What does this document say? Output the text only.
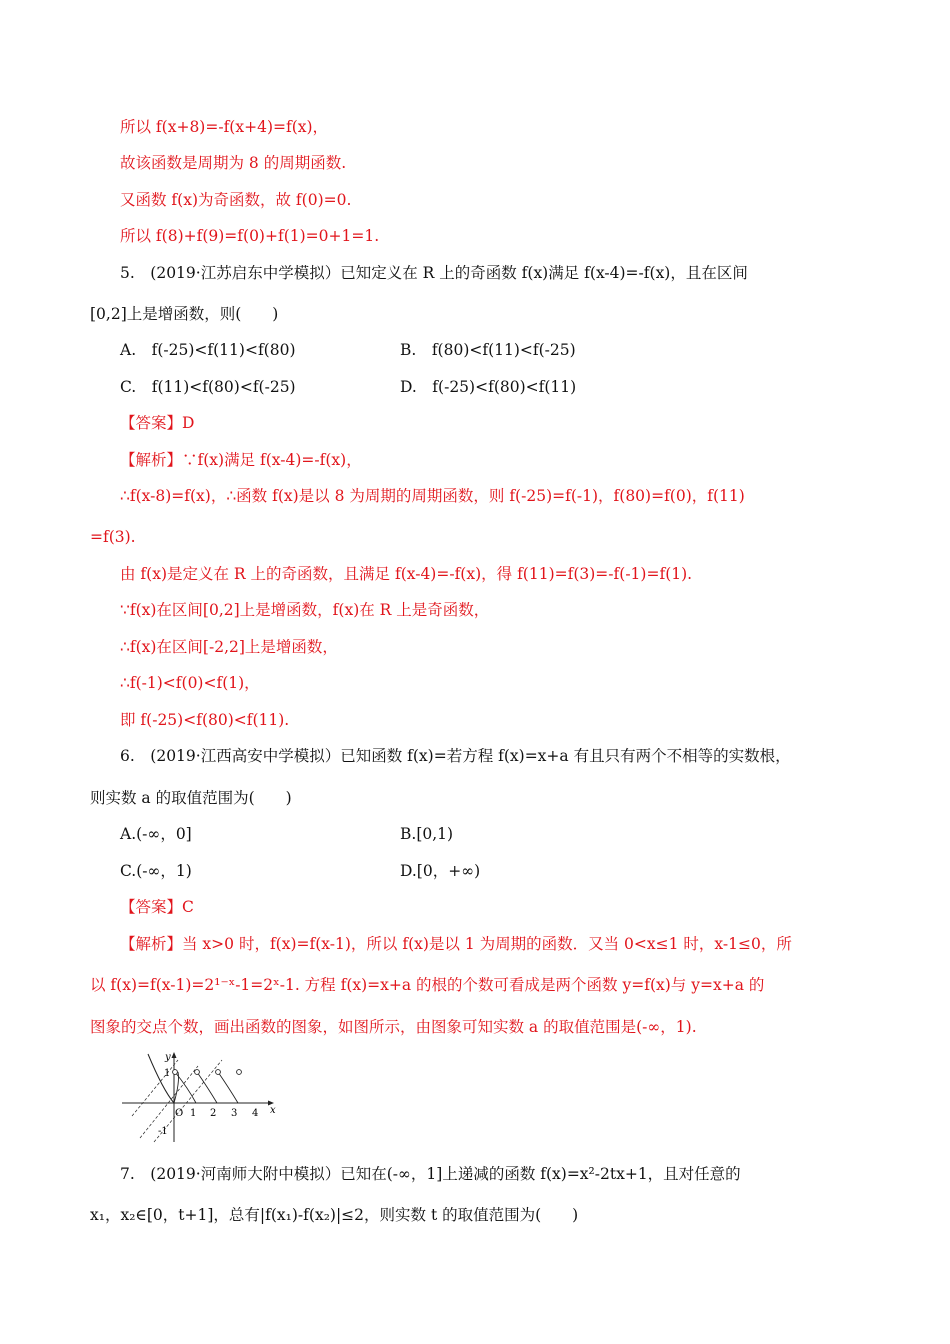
所以 f(x+8)=-f(x+4)=f(x)，
故该函数是周期为 8 的周期函数.
又函数 f(x)为奇函数，故 f(0)=0.
所以 f(8)+f(9)=f(0)+f(1)=0+1=1.
5.　(2019·江苏启东中学模拟）已知定义在 R 上的奇函数 f(x)满足 f(x-4)=-f(x)，且在区间
[0,2]上是增函数，则(　　)
A.　f(-25)<f(11)<f(80)	B.　f(80)<f(11)<f(-25)
C.　f(11)<f(80)<f(-25)	D.　f(-25)<f(80)<f(11)
【答案】D
【解析】∵f(x)满足 f(x-4)=-f(x)，
∴f(x-8)=f(x)，∴函数 f(x)是以 8 为周期的周期函数，则 f(-25)=f(-1)，f(80)=f(0)，f(11)
=f(3).
由 f(x)是定义在 R 上的奇函数，且满足 f(x-4)=-f(x)，得 f(11)=f(3)=-f(-1)=f(1).
∵f(x)在区间[0,2]上是增函数，f(x)在 R 上是奇函数，
∴f(x)在区间[-2,2]上是增函数，
∴f(-1)<f(0)<f(1)，
即 f(-25)<f(80)<f(11).
6.　(2019·江西高安中学模拟）已知函数 f(x)=若方程 f(x)=x+a 有且只有两个不相等的实数根，
则实数 a 的取值范围为(　　)
A.(-∞，0]	B.[0,1)
C.(-∞，1)	D.[0，+∞)
【答案】C
【解析】当 x>0 时，f(x)=f(x-1)，所以 f(x)是以 1 为周期的函数．又当 0<x≤1 时，x-1≤0，所
以 f(x)=f(x-1)=2¹⁻ˣ-1=2ˣ-1. 方程 f(x)=x+a 的根的个数可看成是两个函数 y=f(x)与 y=x+a 的
图象的交点个数，画出函数的图象，如图所示，由图象可知实数 a 的取值范围是(-∞，1).
y
x
O 1 2 3 4
1
-1
7.　(2019·河南师大附中模拟）已知在(-∞，1]上递减的函数 f(x)=x²-2tx+1，且对任意的
x₁，x₂∈[0，t+1]，总有|f(x₁)-f(x₂)|≤2，则实数 t 的取值范围为(　　)
